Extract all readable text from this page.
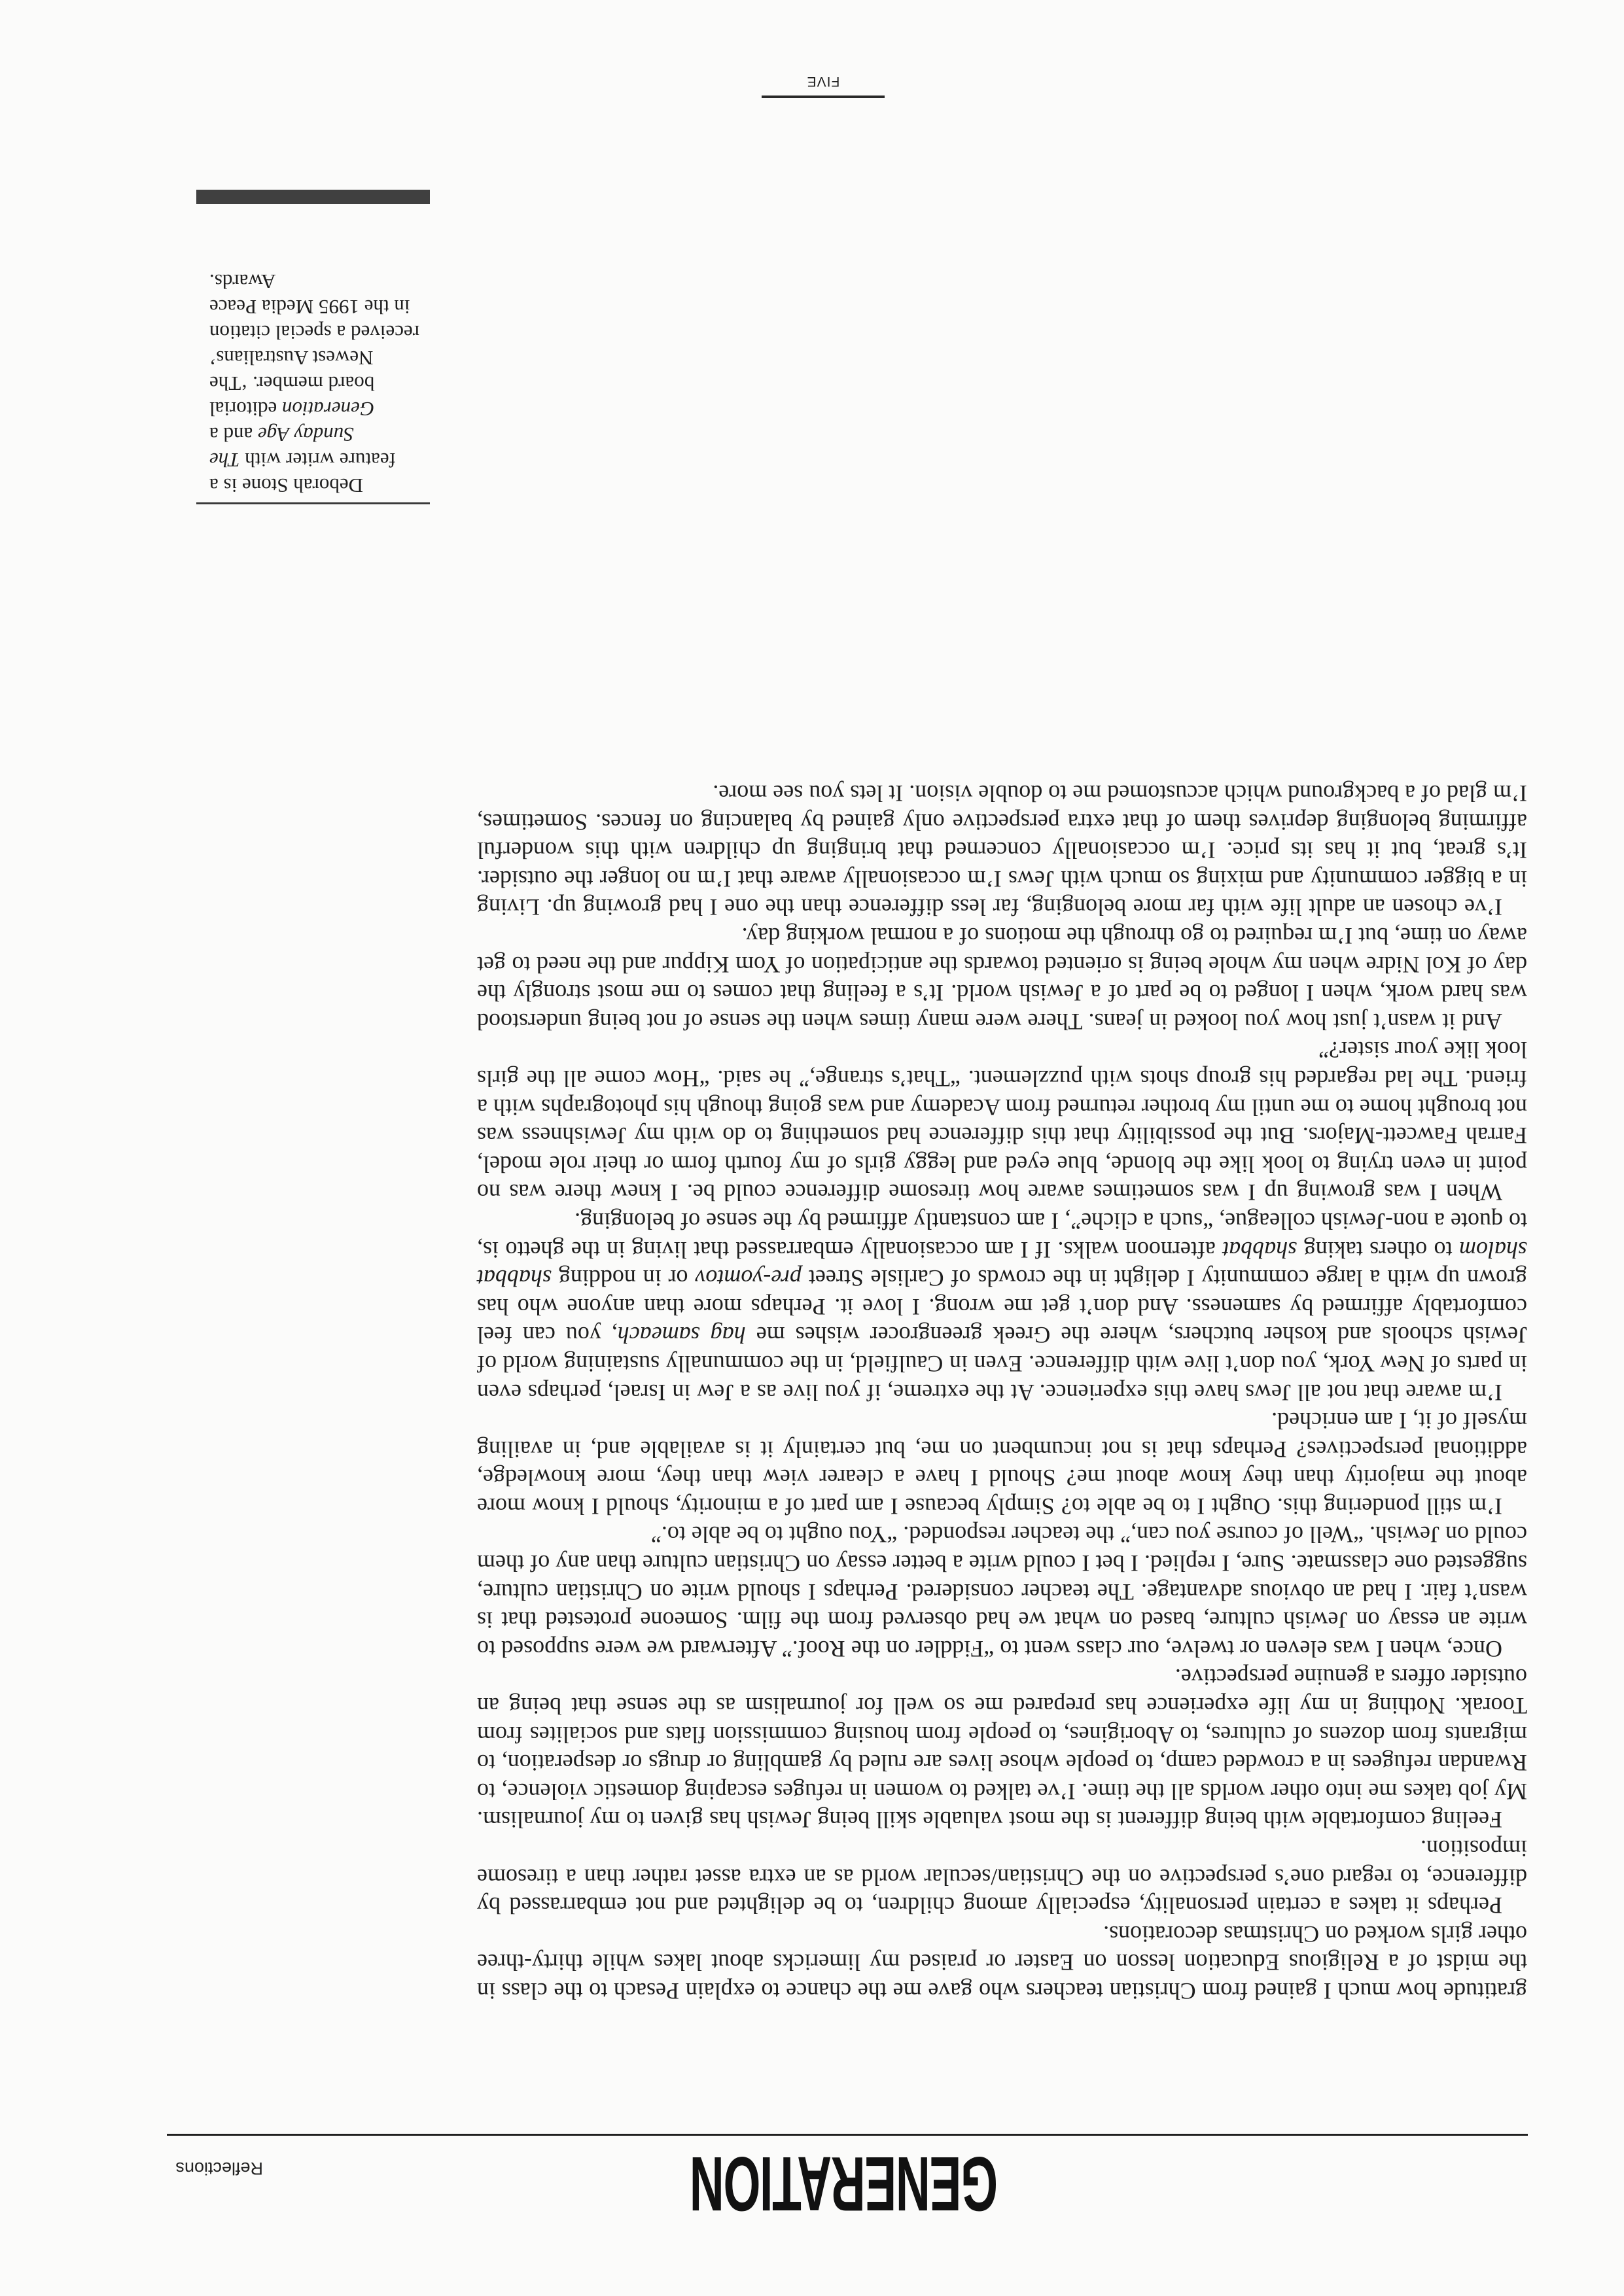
FIVE
Deborah Stone is a
feature writer with The
Sunday Age and a
Generation editorial
board member. ‘The
Newest Australians’
received a special citation
in the 1995 Media Peace
Awards.

gratitude how much I gained from Christian teachers who gave me the chance to explain Pesach to the class in the midst of a Religious Education lesson on Easter or praised my limericks about lakes while thirty-three other girls worked on Christmas decorations.

Perhaps it takes a certain personality, especially among children, to be delighted and not embarrassed by difference, to regard one’s perspective on the Christian/secular world as an extra asset rather than a tiresome imposition.

Feeling comfortable with being different is the most valuable skill being Jewish has given to my journalism. My job takes me into other worlds all the time. I’ve talked to women in refuges escaping domestic violence, to Rwandan refugees in a crowded camp, to people whose lives are ruled by gambling or drugs or desperation, to migrants from dozens of cultures, to Aborigines, to people from housing commission flats and socialites from Toorak. Nothing in my life experience has prepared me so well for journalism as the sense that being an outsider offers a genuine perspective.

Once, when I was eleven or twelve, our class went to “Fiddler on the Roof.” Afterward we were supposed to write an essay on Jewish culture, based on what we had observed from the film. Someone protested that is wasn’t fair. I had an obvious advantage. The teacher considered. Perhaps I should write on Christian culture, suggested one classmate. Sure, I replied. I bet I could write a better essay on Christian culture than any of them could on Jewish. “Well of course you can,” the teacher responded. “You ought to be able to.”

I’m still pondering this. Ought I to be able to? Simply because I am part of a minority, should I know more about the majority than they know about me? Should I have a clearer view than they, more knowledge, additional perspectives? Perhaps that is not incumbent on me, but certainly it is available and, in availing myself of it, I am enriched.

I’m aware that not all Jews have this experience. At the extreme, if you live as a Jew in Israel, perhaps even in parts of New York, you don’t live with difference. Even in Caulfield, in the communally sustaining world of Jewish schools and kosher butchers, where the Greek greengrocer wishes me hag sameach, you can feel comfortably affirmed by sameness. And don’t get me wrong. I love it. Perhaps more than anyone who has grown up with a large community I delight in the crowds of Carlisle Street pre-yomtov or in nodding shabbat shalom to others taking shabbat afternoon walks. If I am occasionally embarrassed that living in the ghetto is, to quote a non-Jewish colleague, “such a cliche”, I am constantly affirmed by the sense of belonging.

When I was growing up I was sometimes aware how tiresome difference could be. I knew there was no point in even trying to look like the blonde, blue eyed and leggy girls of my fourth form or their role model, Farrah Fawcett-Majors. But the possibility that this difference had something to do with my Jewishness was not brought home to me until my brother returned from Academy and was going though his photographs with a friend. The lad regarded his group shots with puzzlement. “That’s strange,” he said. “How come all the girls look like your sister?”

And it wasn’t just how you looked in jeans. There were many times when the sense of not being understood was hard work, when I longed to be part of a Jewish world. It’s a feeling that comes to me most strongly the day of Kol Nidre when my whole being is oriented towards the anticipation of Yom Kippur and the need to get away on time, but I’m required to go through the motions of a normal working day.

I’ve chosen an adult life with far more belonging, far less difference than the one I had growing up. Living in a bigger community and mixing so much with Jews I’m occasionally aware that I’m no longer the outsider. It’s great, but it has its price. I’m occasionally concerned that bringing up children with this wonderful affirming belonging deprives them of that extra perspective only gained by balancing on fences. Sometimes, I’m glad of a background which accustomed me to double vision. It lets you see more.

GENERATION
Reflections
